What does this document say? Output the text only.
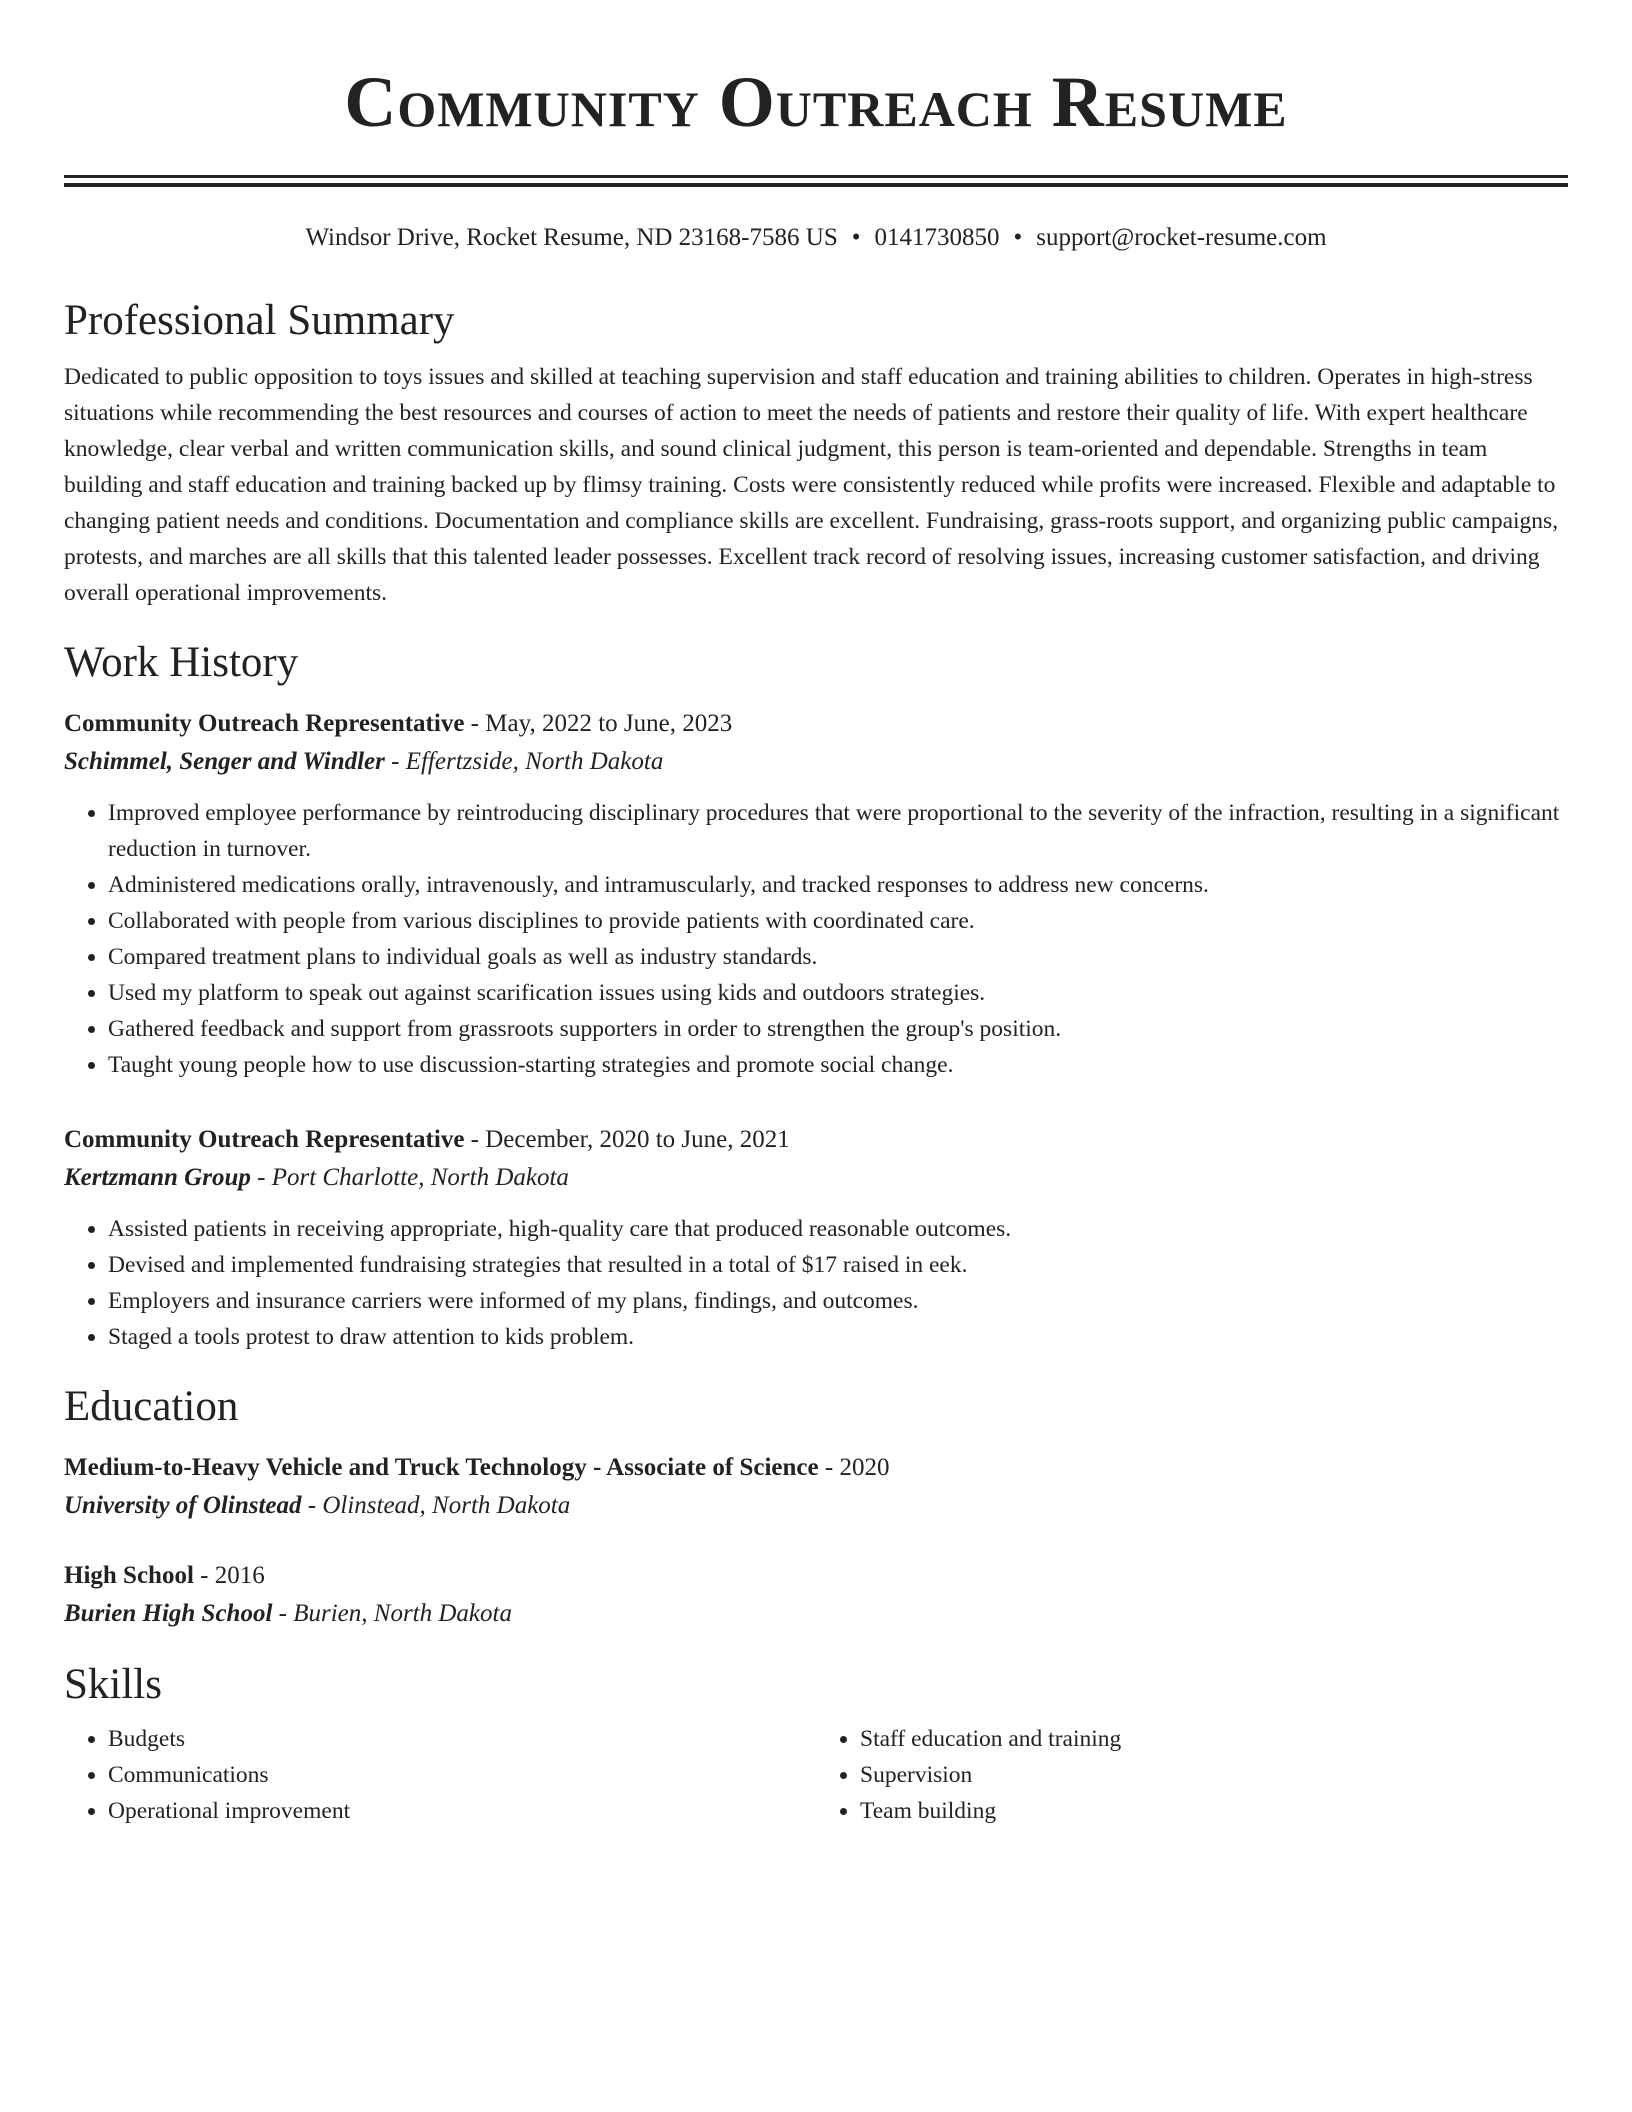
Community Outreach Resume
Windsor Drive, Rocket Resume, ND 23168-7586 US • 0141730850 • support@rocket-resume.com
Professional Summary

Dedicated to public opposition to toys issues and skilled at teaching supervision and staff education and training abilities to children. Operates in high-stress situations while recommending the best resources and courses of action to meet the needs of patients and restore their quality of life. With expert healthcare knowledge, clear verbal and written communication skills, and sound clinical judgment, this person is team-oriented and dependable. Strengths in team building and staff education and training backed up by flimsy training. Costs were consistently reduced while profits were increased. Flexible and adaptable to changing patient needs and conditions. Documentation and compliance skills are excellent. Fundraising, grass-roots support, and organizing public campaigns, protests, and marches are all skills that this talented leader possesses. Excellent track record of resolving issues, increasing customer satisfaction, and driving overall operational improvements.

Work History
Community Outreach Representative - May, 2022 to June, 2023
Schimmel, Senger and Windler - Effertzside, North Dakota
• Improved employee performance by reintroducing disciplinary procedures that were proportional to the severity of the infraction, resulting in a significant reduction in turnover.
• Administered medications orally, intravenously, and intramuscularly, and tracked responses to address new concerns.
• Collaborated with people from various disciplines to provide patients with coordinated care.
• Compared treatment plans to individual goals as well as industry standards.
• Used my platform to speak out against scarification issues using kids and outdoors strategies.
• Gathered feedback and support from grassroots supporters in order to strengthen the group's position.
• Taught young people how to use discussion-starting strategies and promote social change.
Community Outreach Representative - December, 2020 to June, 2021
Kertzmann Group - Port Charlotte, North Dakota
• Assisted patients in receiving appropriate, high-quality care that produced reasonable outcomes.
• Devised and implemented fundraising strategies that resulted in a total of $17 raised in eek.
• Employers and insurance carriers were informed of my plans, findings, and outcomes.
• Staged a tools protest to draw attention to kids problem.
Education
Medium-to-Heavy Vehicle and Truck Technology - Associate of Science - 2020
University of Olinstead - Olinstead, North Dakota
High School - 2016
Burien High School - Burien, North Dakota
Skills
• Budgets
• Communications
• Operational improvement
• Staff education and training
• Supervision
• Team building
